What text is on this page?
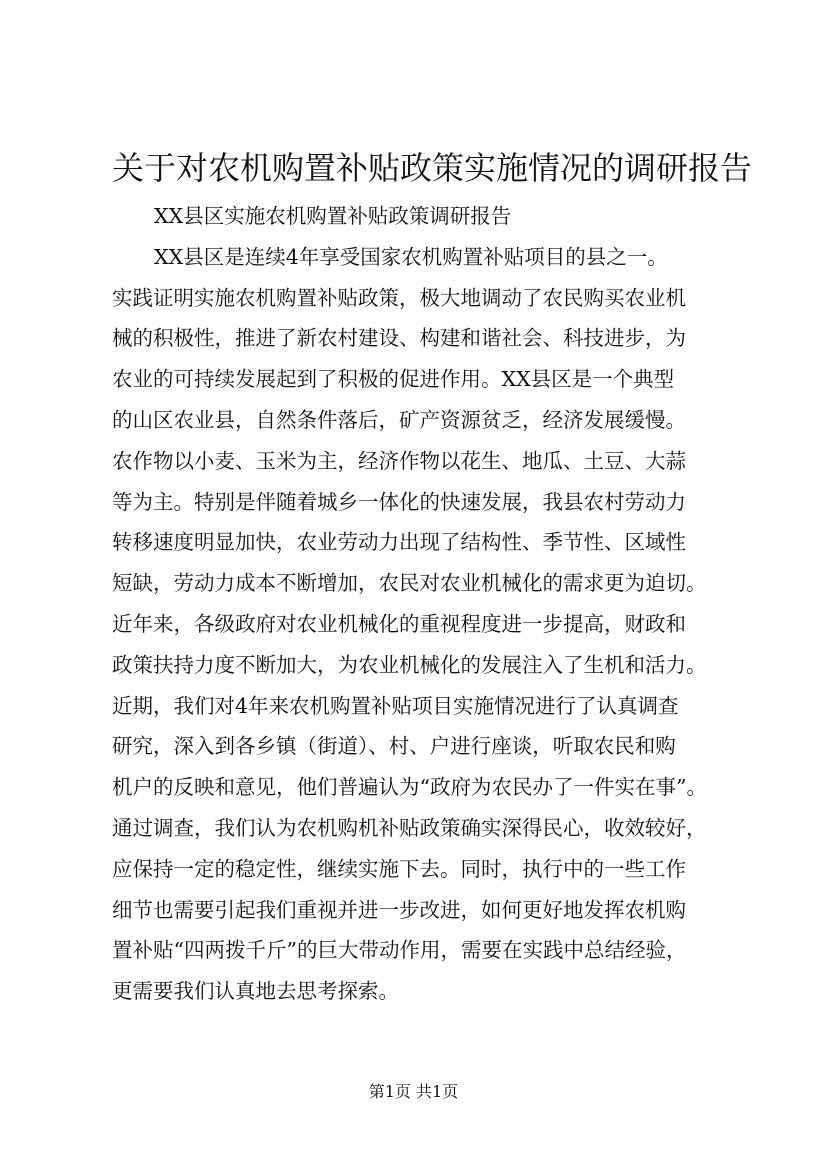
关于对农机购置补贴政策实施情况的调研报告
XX县区实施农机购置补贴政策调研报告
XX县区是连续4年享受国家农机购置补贴项目的县之一。
实践证明实施农机购置补贴政策，极大地调动了农民购买农业机
械的积极性，推进了新农村建设、构建和谐社会、科技进步，为
农业的可持续发展起到了积极的促进作用。XX县区是一个典型
的山区农业县，自然条件落后，矿产资源贫乏，经济发展缓慢。
农作物以小麦、玉米为主，经济作物以花生、地瓜、土豆、大蒜
等为主。特别是伴随着城乡一体化的快速发展，我县农村劳动力
转移速度明显加快，农业劳动力出现了结构性、季节性、区域性
短缺，劳动力成本不断增加，农民对农业机械化的需求更为迫切。
近年来，各级政府对农业机械化的重视程度进一步提高，财政和
政策扶持力度不断加大，为农业机械化的发展注入了生机和活力。
近期，我们对4年来农机购置补贴项目实施情况进行了认真调查
研究，深入到各乡镇（街道）、村、户进行座谈，听取农民和购
机户的反映和意见，他们普遍认为“政府为农民办了一件实在事”。
通过调查，我们认为农机购机补贴政策确实深得民心，收效较好，
应保持一定的稳定性，继续实施下去。同时，执行中的一些工作
细节也需要引起我们重视并进一步改进，如何更好地发挥农机购
置补贴“四两拨千斤”的巨大带动作用，需要在实践中总结经验，
更需要我们认真地去思考探索。
第1页 共1页
